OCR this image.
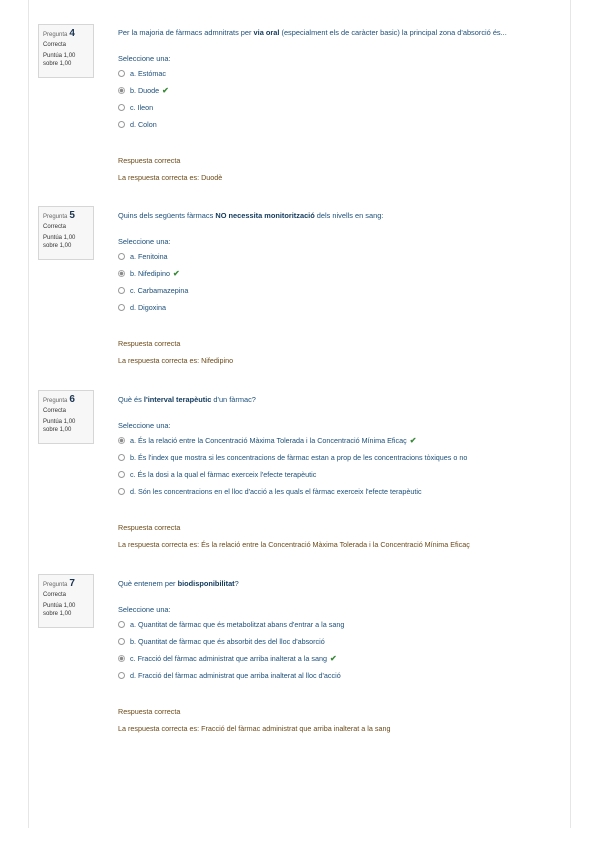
Pregunta 4
Correcta
Puntúa 1,00
sobre 1,00
Per la majoria de fàrmacs admnitrats per via oral (especialment els de caràcter basic) la principal zona d'absorció és...
Seleccione una:
a. Estómac
b. Duode ✔
c. Ileon
d. Colon
Respuesta correcta
La respuesta correcta es: Duodè
Pregunta 5
Correcta
Puntúa 1,00
sobre 1,00
Quins dels següents fàrmacs NO necessita monitorització dels nivells en sang:
Seleccione una:
a. Fenitoina
b. Nifedipino ✔
c. Carbamazepina
d. Digoxina
Respuesta correcta
La respuesta correcta es: Nifedipino
Pregunta 6
Correcta
Puntúa 1,00
sobre 1,00
Què és l'interval terapèutic d'un fàrmac?
Seleccione una:
a. És la relació entre la Concentració Màxima Tolerada i la Concentració Mínima Eficaç ✔
b. És l'index que mostra si les concentracions de fàrmac estan a prop de les concentracions tòxiques o no
c. És la dosi a la qual el fàrmac exerceix l'efecte terapèutic
d. Són les concentracions en el lloc d'acció a les quals el fàrmac exerceix l'efecte terapèutic
Respuesta correcta
La respuesta correcta es: És la relació entre la Concentració Màxima Tolerada i la Concentració Mínima Eficaç
Pregunta 7
Correcta
Puntúa 1,00
sobre 1,00
Què entenem per biodisponibilitat?
Seleccione una:
a. Quantitat de fàrmac que és metabolitzat abans d'entrar a la sang
b. Quantitat de fàrmac que és absorbit des del lloc d'absorció
c. Fracció del fàrmac administrat que arriba inalterat a la sang ✔
d. Fracció del fàrmac administrat que arriba inalterat al lloc d'acció
Respuesta correcta
La respuesta correcta es: Fracció del fàrmac administrat que arriba inalterat a la sang
